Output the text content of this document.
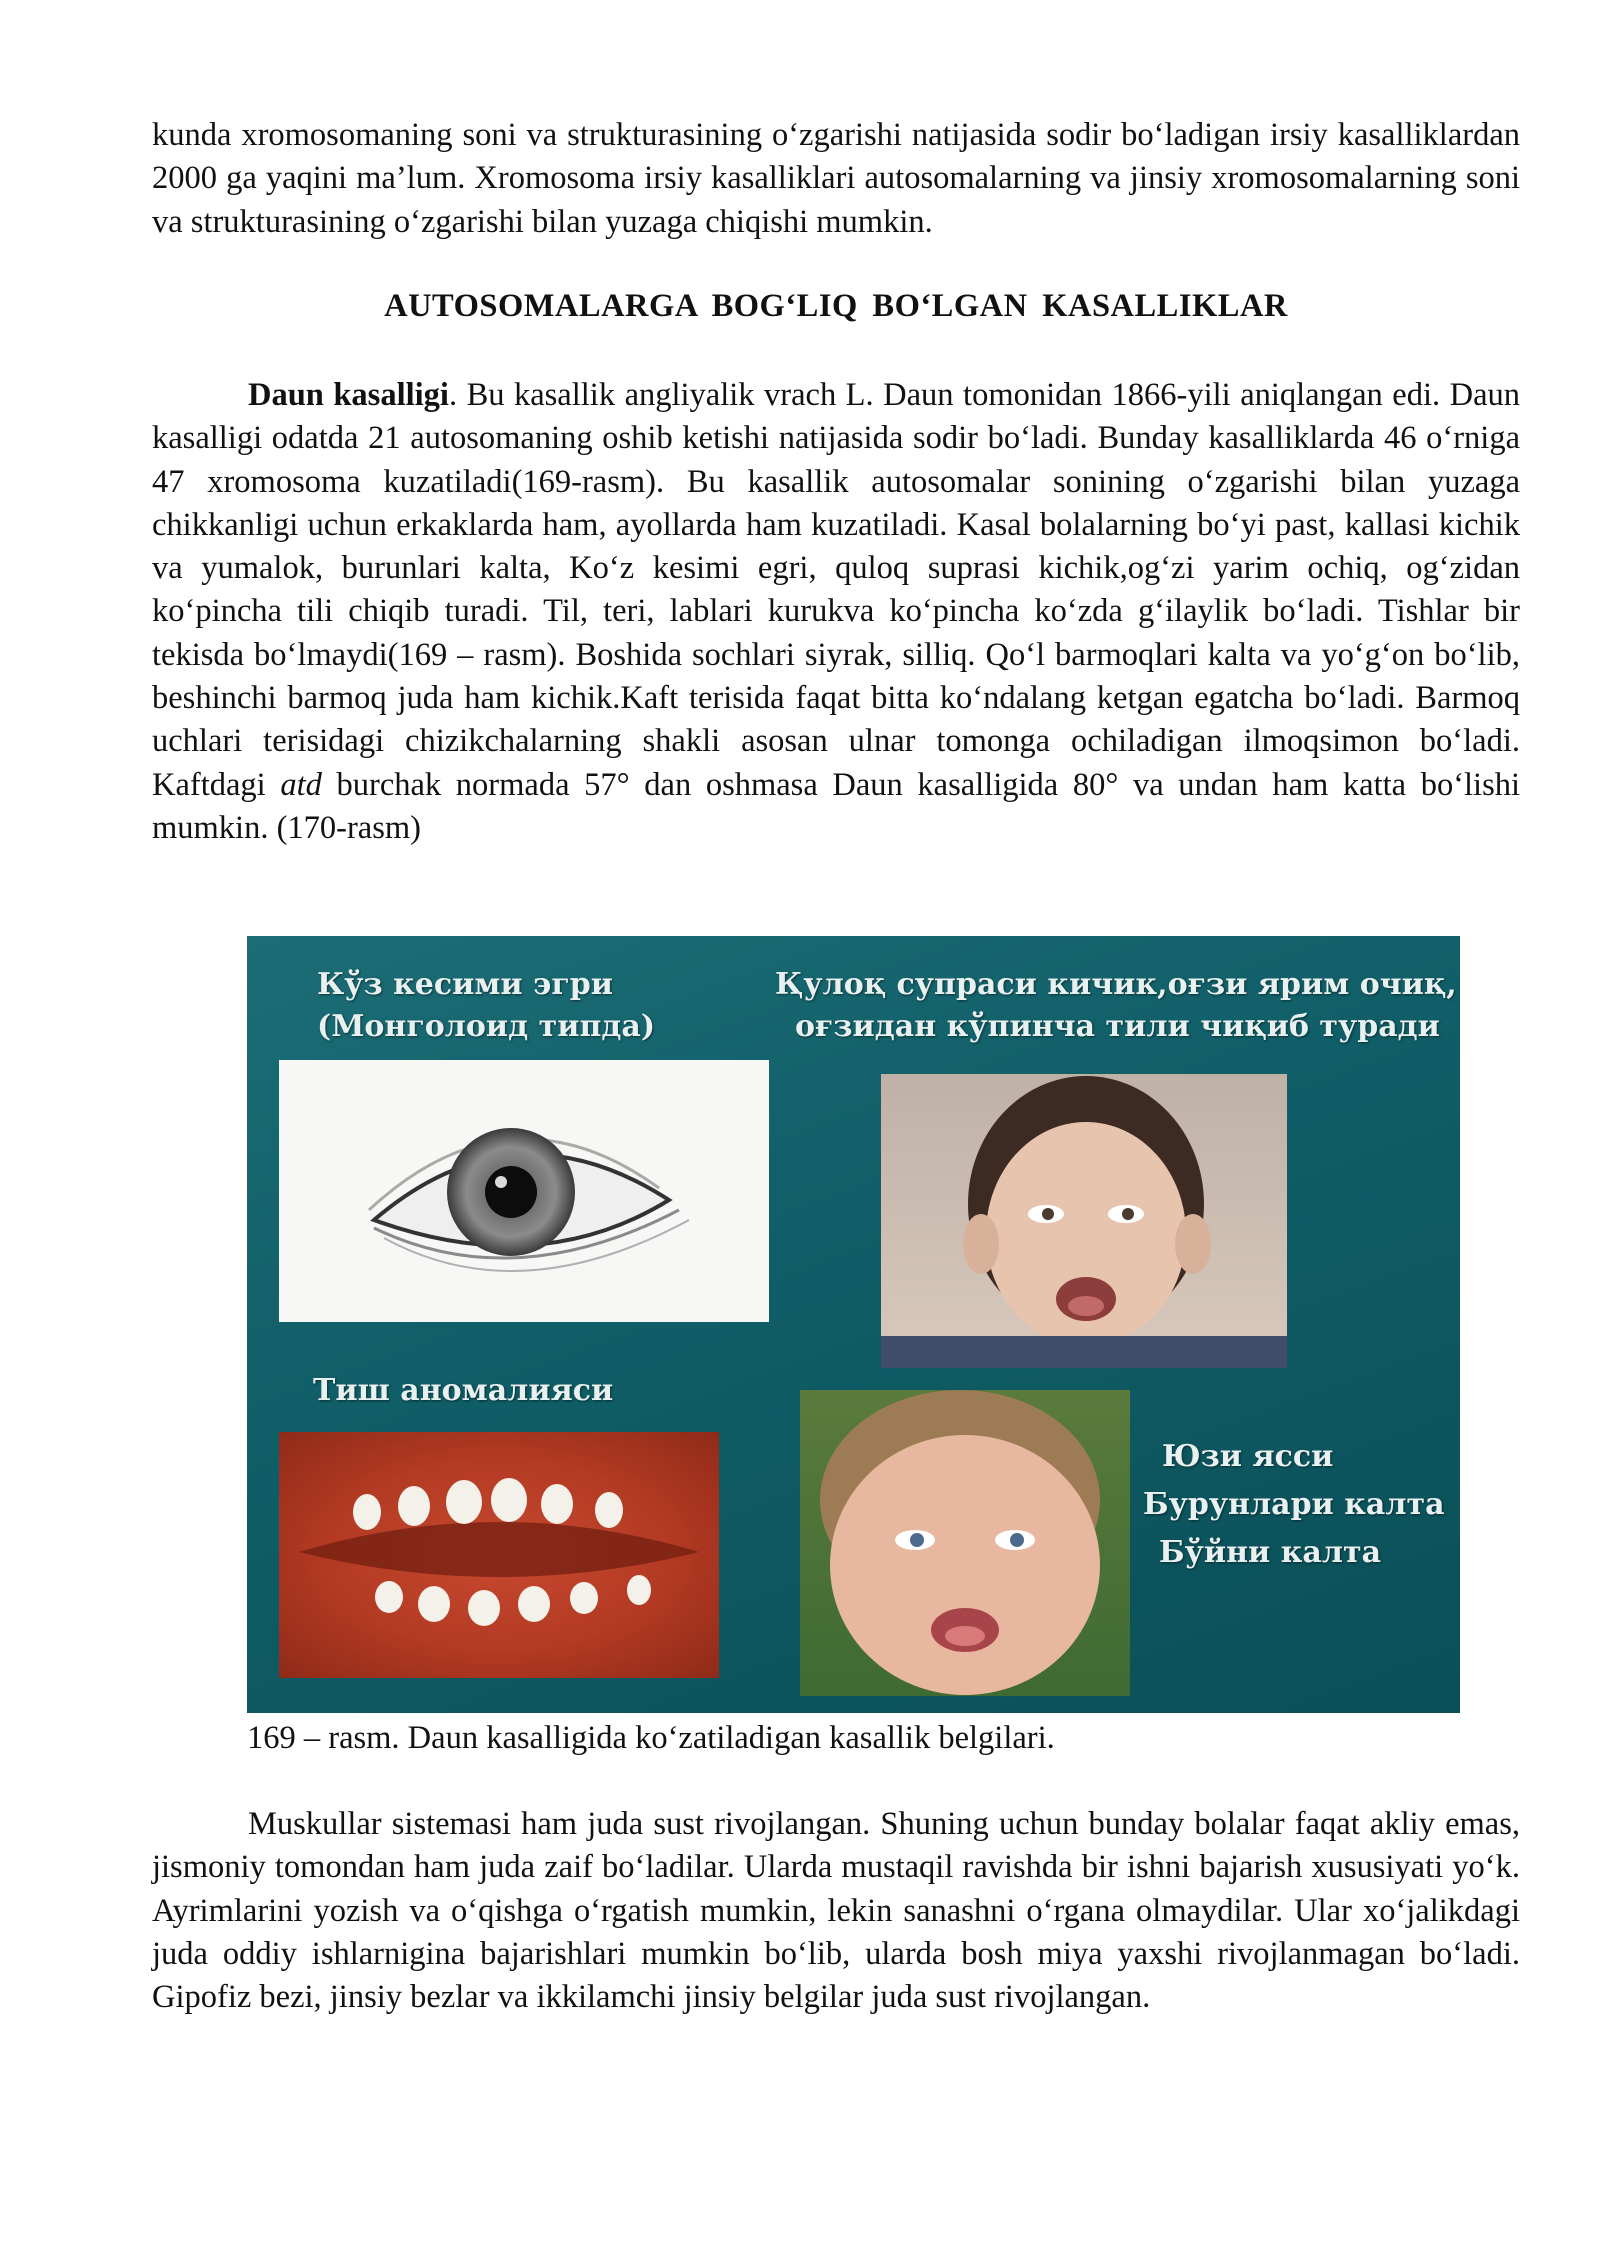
kunda xromosomaning soni va strukturasining o‘zgarishi natijasida sodir bo‘ladigan irsiy kasalliklardan 2000 ga yaqini ma’lum. Xromosoma irsiy kasalliklari autosomalarning va jinsiy xromosomalarning soni va strukturasining o‘zgarishi bilan yuzaga chiqishi mumkin.

AUTOSOMALARGA BOG‘LIQ BO‘LGAN KASALLIKLAR

Daun kasalligi. Bu kasallik angliyalik vrach L. Daun tomonidan 1866-yili aniqlangan edi. Daun kasalligi odatda 21 autosomaning oshib ketishi natijasida sodir bo‘ladi. Bunday kasalliklarda 46 o‘rniga 47 xromosoma kuzatiladi(169-rasm). Bu kasallik autosomalar sonining o‘zgarishi bilan yuzaga chikkanligi uchun erkaklarda ham, ayollarda ham kuzatiladi. Kasal bolalarning bo‘yi past, kallasi kichik va yumalok, burunlari kalta, Ko‘z kesimi egri, quloq suprasi kichik,og‘zi yarim ochiq, og‘zidan ko‘pincha tili chiqib turadi. Til, teri, lablari kurukva ko‘pincha ko‘zda g‘ilaylik bo‘ladi. Tishlar bir tekisda bo‘lmaydi(169 – rasm). Boshida sochlari siyrak, silliq. Qo‘l barmoqlari kalta va yo‘g‘on bo‘lib, beshinchi barmoq juda ham kichik.Kaft terisida faqat bitta ko‘ndalang ketgan egatcha bo‘ladi. Barmoq uchlari terisidagi chizikchalarning shakli asosan ulnar tomonga ochiladigan ilmoqsimon bo‘ladi. Kaftdagi atd burchak normada 57° dan oshmasa Daun kasalligida 80° va undan ham katta bo‘lishi mumkin. (170-rasm)

Кўз кесими эгри
(Монголоид типда)
Қулоқ супраси кичик,оғзи ярим очиқ,
оғзидан кўпинча тили чиқиб туради
Тиш аномалияси
Юзи ясси
Бурунлари калта
Бўйни калта

169 – rasm. Daun kasalligida ko‘zatiladigan kasallik belgilari.

Muskullar sistemasi ham juda sust rivojlangan. Shuning uchun bunday bolalar faqat akliy emas, jismoniy tomondan ham juda zaif bo‘ladilar. Ularda mustaqil ravishda bir ishni bajarish xususiyati yo‘k. Ayrimlarini yozish va o‘qishga o‘rgatish mumkin, lekin sanashni o‘rgana olmaydilar. Ular xo‘jalikdagi juda oddiy ishlarnigina bajarishlari mumkin bo‘lib, ularda bosh miya yaxshi rivojlanmagan bo‘ladi. Gipofiz bezi, jinsiy bezlar va ikkilamchi jinsiy belgilar juda sust rivojlangan.
